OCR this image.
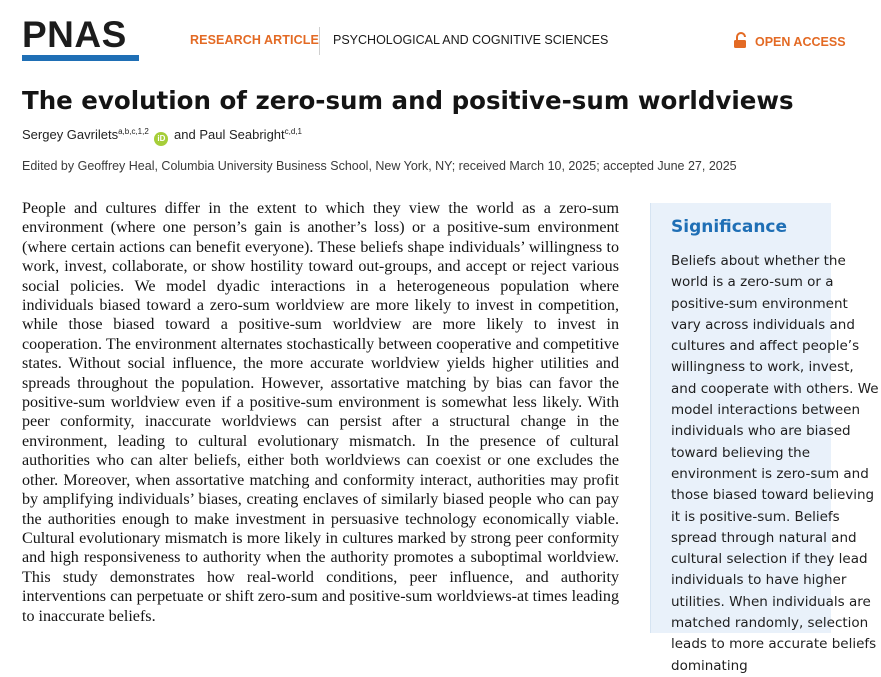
PNAS	RESEARCH ARTICLE PSYCHOLOGICAL AND COGNITIVE SCIENCES	OPEN ACCESS
The evolution of zero-sum and positive-sum worldviews
Sergey Gavrilets$^{a,b,c,1,2}$ iD and Paul Seabright$^{c,d,1}$
Edited by Geoffrey Heal, Columbia University Business School, New York, NY; received March 10, 2025; accepted June 27, 2025

People and cultures differ in the extent to which they view the world as a zero-sum environment (where one person’s gain is another’s loss) or a positive-sum environment (where certain actions can benefit everyone). These beliefs shape individuals’ willingness to work, invest, collaborate, or show hostility toward out-groups, and accept or reject various social policies. We model dyadic interactions in a heterogeneous population where individuals biased toward a zero-sum worldview are more likely to invest in competition, while those biased toward a positive-sum worldview are more likely to invest in cooperation. The environment alternates stochastically between cooperative and competitive states. Without social influence, the more accurate worldview yields higher utilities and spreads throughout the population. However, assortative matching by bias can favor the positive-sum worldview even if a positive-sum environment is somewhat less likely. With peer conformity, inaccurate worldviews can persist after a structural change in the environment, leading to cultural evolutionary mismatch. In the presence of cultural authorities who can alter beliefs, either both worldviews can coexist or one excludes the other. Moreover, when assortative matching and conformity interact, authorities may profit by amplifying individuals’ biases, creating enclaves of similarly biased people who can pay the authorities enough to make investment in persuasive technology economically viable. Cultural evolutionary mismatch is more likely in cultures marked by strong peer conformity and high responsiveness to authority when the authority promotes a suboptimal worldview. This study demonstrates how real-world conditions, peer influence, and authority interventions can perpetuate or shift zero-sum and positive-sum worldviews-at times leading to inaccurate beliefs.

Significance

Beliefs about whether the world is a zero-sum or a positive-sum environment vary across individuals and cultures and affect people’s willingness to work, invest, and cooperate with others. We model interactions between individuals who are biased toward believing the environment is zero-sum and those biased toward believing it is positive-sum. Beliefs spread through natural and cultural selection if they lead individuals to have higher utilities. When individuals are matched randomly, selection leads to more accurate beliefs dominating
